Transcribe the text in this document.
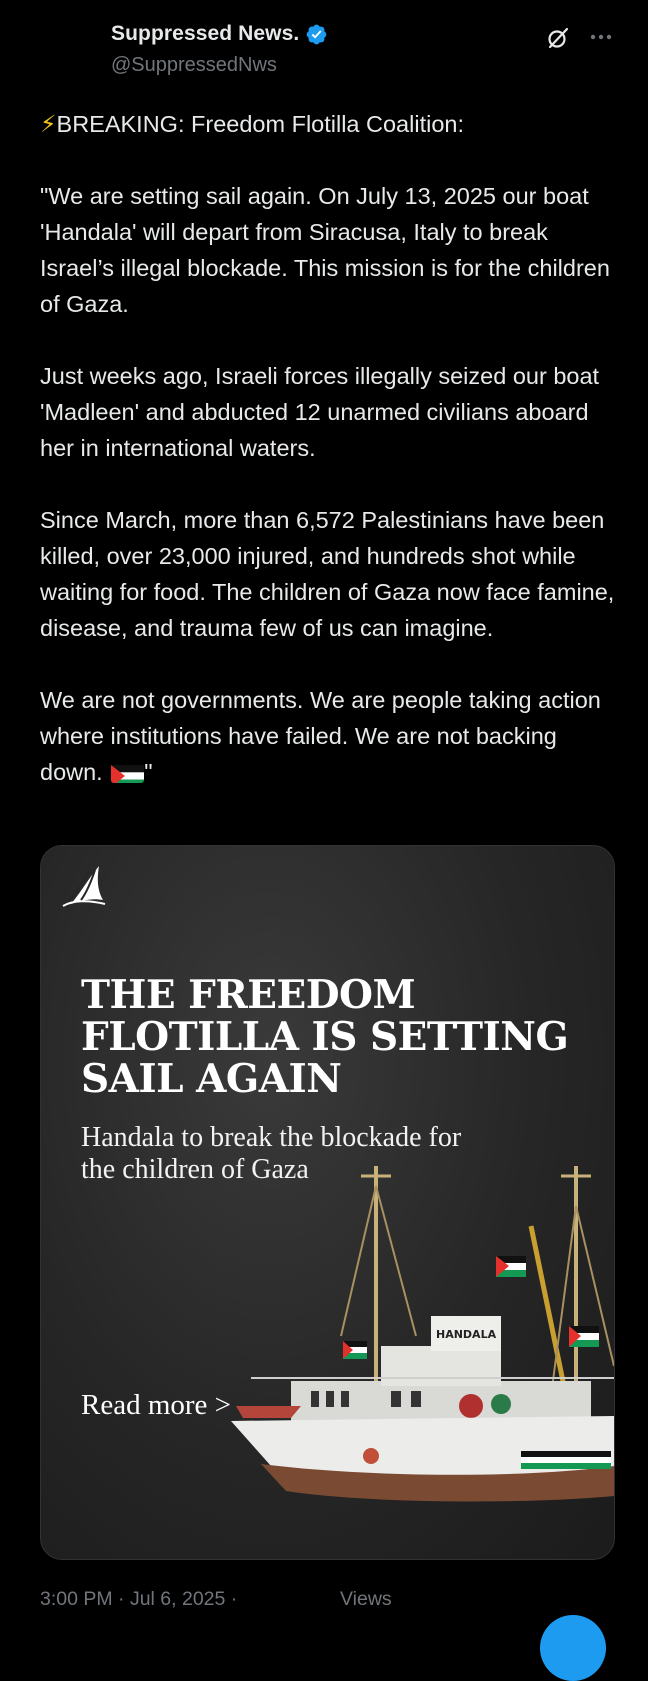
Suppressed News.
@SuppressedNws

⚡BREAKING: Freedom Flotilla Coalition:

"We are setting sail again. On July 13, 2025 our boat 'Handala' will depart from Siracusa, Italy to break Israel’s illegal blockade. This mission is for the children of Gaza.

Just weeks ago, Israeli forces illegally seized our boat 'Madleen' and abducted 12 unarmed civilians aboard her in international waters.

Since March, more than 6,572 Palestinians have been killed, over 23,000 injured, and hundreds shot while waiting for food. The children of Gaza now face famine, disease, and trauma few of us can imagine.

We are not governments. We are people taking action where institutions have failed. We are not backing down. "

THE FREEDOM FLOTILLA IS SETTING SAIL AGAIN
Handala to break the blockade for the children of Gaza
Read more >
HANDALA
3:00 PM · Jul 6, 2025 ·	Views
